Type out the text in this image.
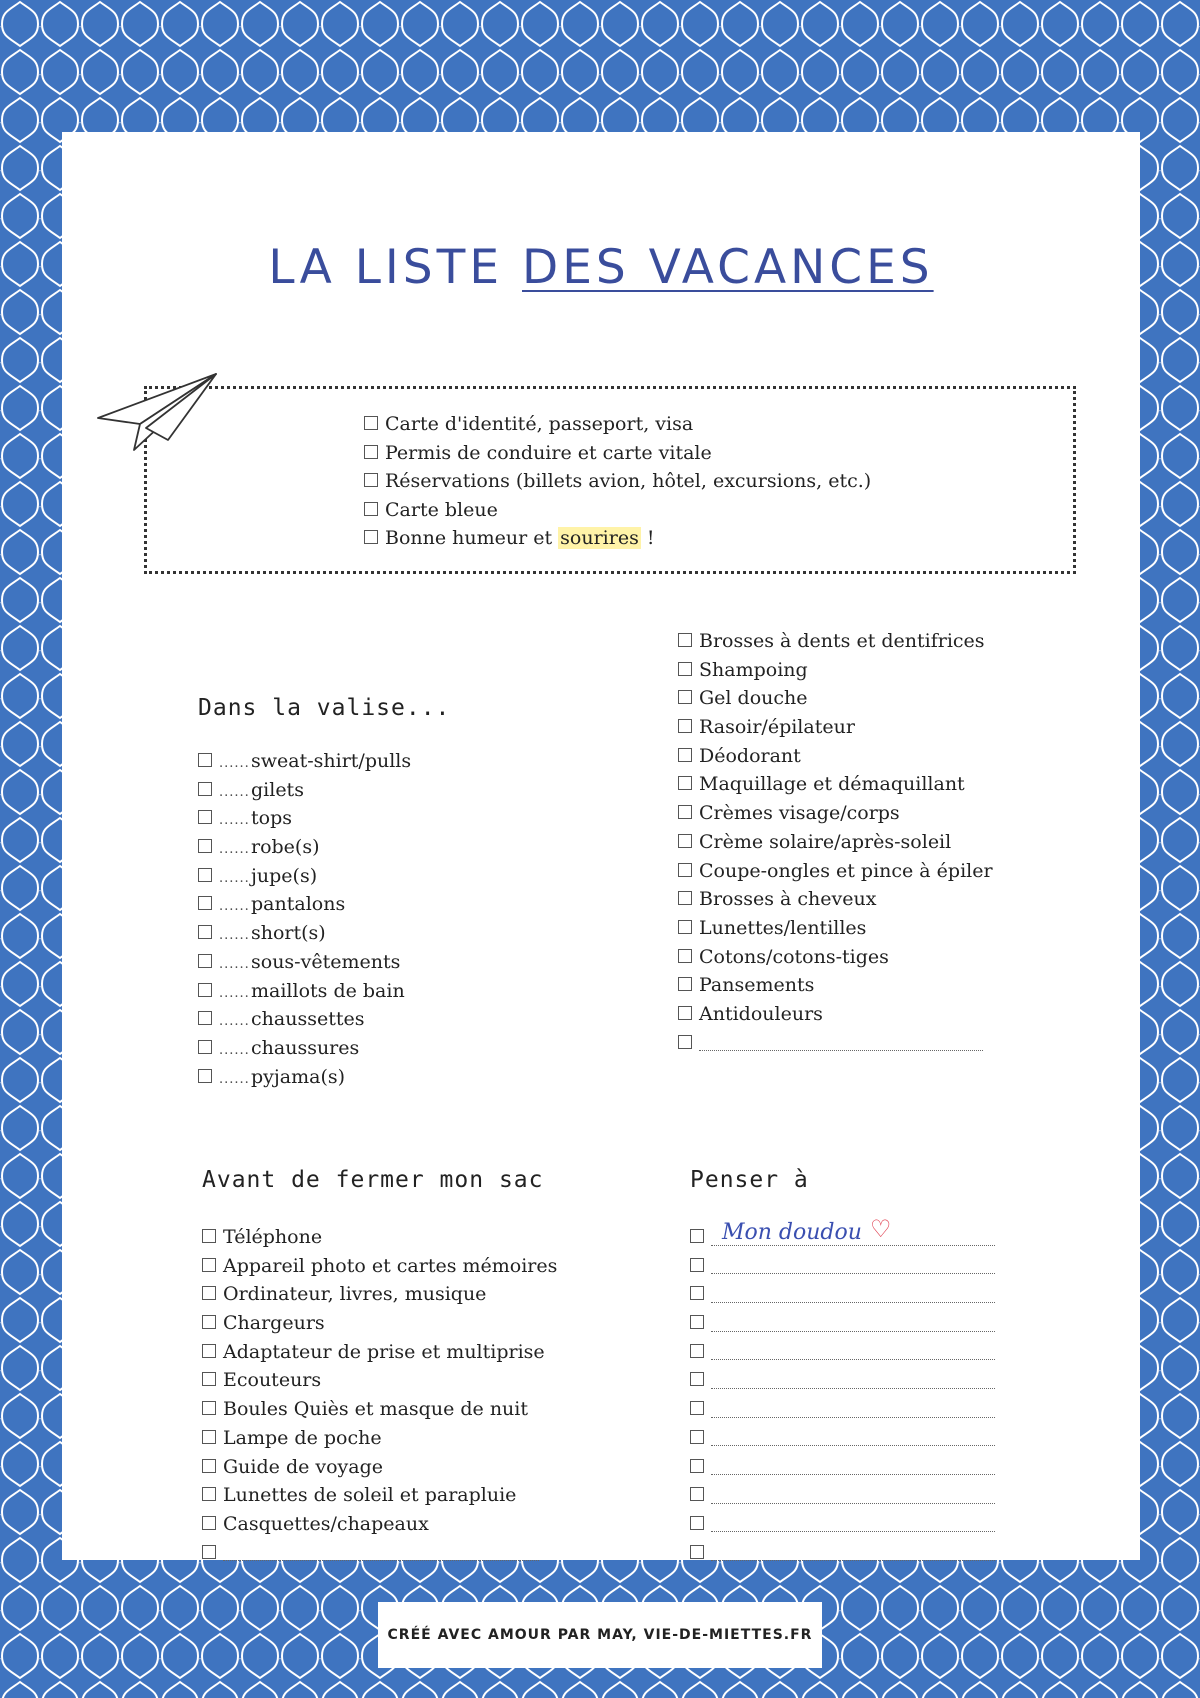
LA LISTE DES VACANCES
Carte d'identité, passeport, visa
Permis de conduire et carte vitale
Réservations (billets avion, hôtel, excursions, etc.)
Carte bleue
Bonne humeur et sourires !
Dans la valise...
......sweat-shirt/pulls
......gilets
......tops
......robe(s)
......jupe(s)
......pantalons
......short(s)
......sous-vêtements
......maillots de bain
......chaussettes
......chaussures
......pyjama(s)
Brosses à dents et dentifrices
Shampoing
Gel douche
Rasoir/épilateur
Déodorant
Maquillage et démaquillant
Crèmes visage/corps
Crème solaire/après-soleil
Coupe-ongles et pince à épiler
Brosses à cheveux
Lunettes/lentilles
Cotons/cotons-tiges
Pansements
Antidouleurs
Avant de fermer mon sac
Téléphone
Appareil photo et cartes mémoires
Ordinateur, livres, musique
Chargeurs
Adaptateur de prise et multiprise
Ecouteurs
Boules Quiès et masque de nuit
Lampe de poche
Guide de voyage
Lunettes de soleil et parapluie
Casquettes/chapeaux
Penser à
Mon doudou ♡
CRÉÉ AVEC AMOUR PAR MAY, VIE-DE-MIETTES.FR
